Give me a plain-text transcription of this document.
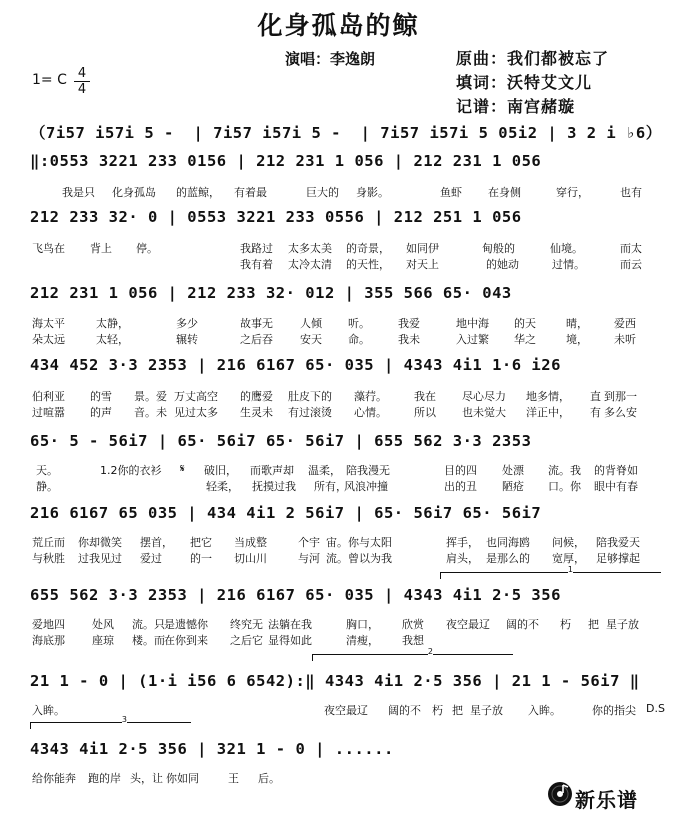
化身孤岛的鲸
演唱：李逸朗	原曲：我们都被忘了
填词：沃特艾文儿
记谱：南宫赭璇
1= C 4
4
（7i57 i57i 5 -  | 7i57 i57i 5 -  | 7i57 i57i 5 05i2 | 3 2 i ♭6）
‖:0553 3221 233 0156 | 212 231 1 056 | 212 231 1 056
我是只 化身孤岛 的蓝鲸， 有着最	巨大的 身影。	鱼虾 在身侧	穿行，	也有
212 233 32· 0 | 0553 3221 233 0556 | 212 251 1 056
飞鸟在 背上 停。	我路过 太多太美 的奇景， 如同伊	甸般的	仙境。	而太
我有着 太冷太清 的天性， 对天上	的她动	过情。	而云
212 231 1 056 | 212 233 32· 012 | 355 566 65· 043
海太平	太静，	多少	故事无 人倾 听。	我爱	地中海 的天	晴， 爱西
朵太远	太轻，	辗转	之后吞 安天 命。	我未	入过繁 华之	境， 未听
434 452 3·3 2353 | 216 6167 65· 035 | 4343 4i1 1·6 i26
伯利亚 的雪 景。爱 万丈高空 的鹰爱 肚皮下的 藻荇。 我在 尽心尽力 地多情， 直 到那一
过喧嚣 的声 音。未 见过太多 生灵未 有过滚烫 心情。 所以 也未觉大 洋正中， 有 多么安
65· 5 - 56i7 | 65· 56i7 65· 56i7 | 655 562 3·3 2353
天。	1.2你的衣衫 𝄋 破旧， 而歌声却 温柔， 陪我漫无	目的四 处漂 流。我 的背脊如
静。	轻柔， 抚摸过我 所有，
风浪冲撞	出的丑 陋疮 口。你 眼中有春
216 6167 65 035 | 434 4i1 2 56i7 | 65· 56i7 65· 56i7
荒丘而 你却微笑 摆首， 把它 当成整	个宇 宙。你与太阳	挥手， 也同海鸥 问候， 陪我爱天
与秋胜 过我见过 爱过	的一 切山川	与河 流。曾以为我	肩头， 是那么的 宽厚， 足够撑起
1
655 562 3·3 2353 | 216 6167 65· 035 | 4343 4i1 2·5 356
爱地四 处风 流。只 是遗憾你 终究无 法躺在我	胸口， 欣赏 夜空最辽 阔的不 朽 把 星子放
海底那 座琼 楼。而 在你到来 之后它 显得如此	清瘦， 我想
2
21 1 - 0 | (1·i i56 6 6542):‖ 4343 4i1 2·5 356 | 21 1 - 56i7 ‖
入眸。	夜空最辽 阔的不 朽 把 星子放 入眸。	你的指尖 D.S
3
4343 4i1 2·5 356 | 321 1 - 0 | ......
给你能奔 跑的岸 头，让 你如同	王 后。
新乐谱
